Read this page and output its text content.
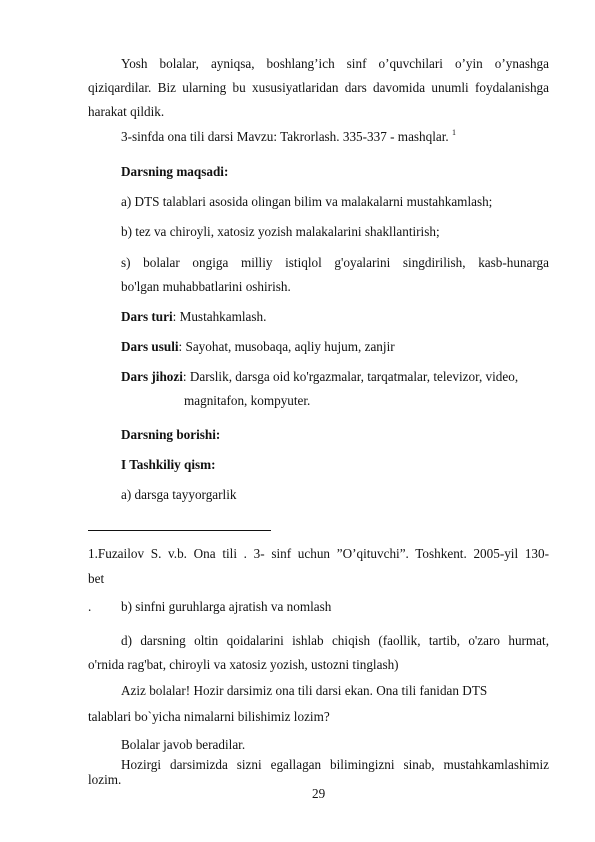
Yosh bolalar, ayniqsa, boshlang’ich sinf o’quvchilari o’yin o’ynashga
qiziqardilar. Biz ularning bu xususiyatlaridan dars davomida unumli foydalanishga
harakat qildik.
3-sinfda ona tili darsi Mavzu: Takrorlash. 335-337 - mashqlar. $^1$
Darsning maqsadi:
a) DTS talablari asosida olingan bilim va malakalarni mustahkamlash;
b) tez va chiroyli, xatosiz yozish malakalarini shakllantirish;
s) bolalar ongiga milliy istiqlol g'oyalarini singdirilish, kasb-hunarga
bo'lgan muhabbatlarini oshirish.
Dars turi: Mustahkamlash.
Dars usuli: Sayohat, musobaqa, aqliy hujum, zanjir
Dars jihozi: Darslik, darsga oid ko'rgazmalar, tarqatmalar, televizor, video,
magnitafon, kompyuter.
Darsning borishi:
I Tashkiliy qism:
a) darsga tayyorgarlik
1.Fuzailov S. v.b. Ona tili . 3- sinf uchun ”O’qituvchi”. Toshkent. 2005-yil 130-
bet
. b) sinfni guruhlarga ajratish va nomlash
d) darsning oltin qoidalarini ishlab chiqish (faollik, tartib, o'zaro hurmat,
o'rnida rag'bat, chiroyli va xatosiz yozish, ustozni tinglash)
Aziz bolalar! Hozir darsimiz ona tili darsi ekan. Ona tili fanidan DTS
talablari bo`yicha nimalarni bilishimiz lozim?
Bolalar javob beradilar.
Hozirgi darsimizda sizni egallagan bilimingizni sinab, mustahkamlashimiz
lozim.
29
